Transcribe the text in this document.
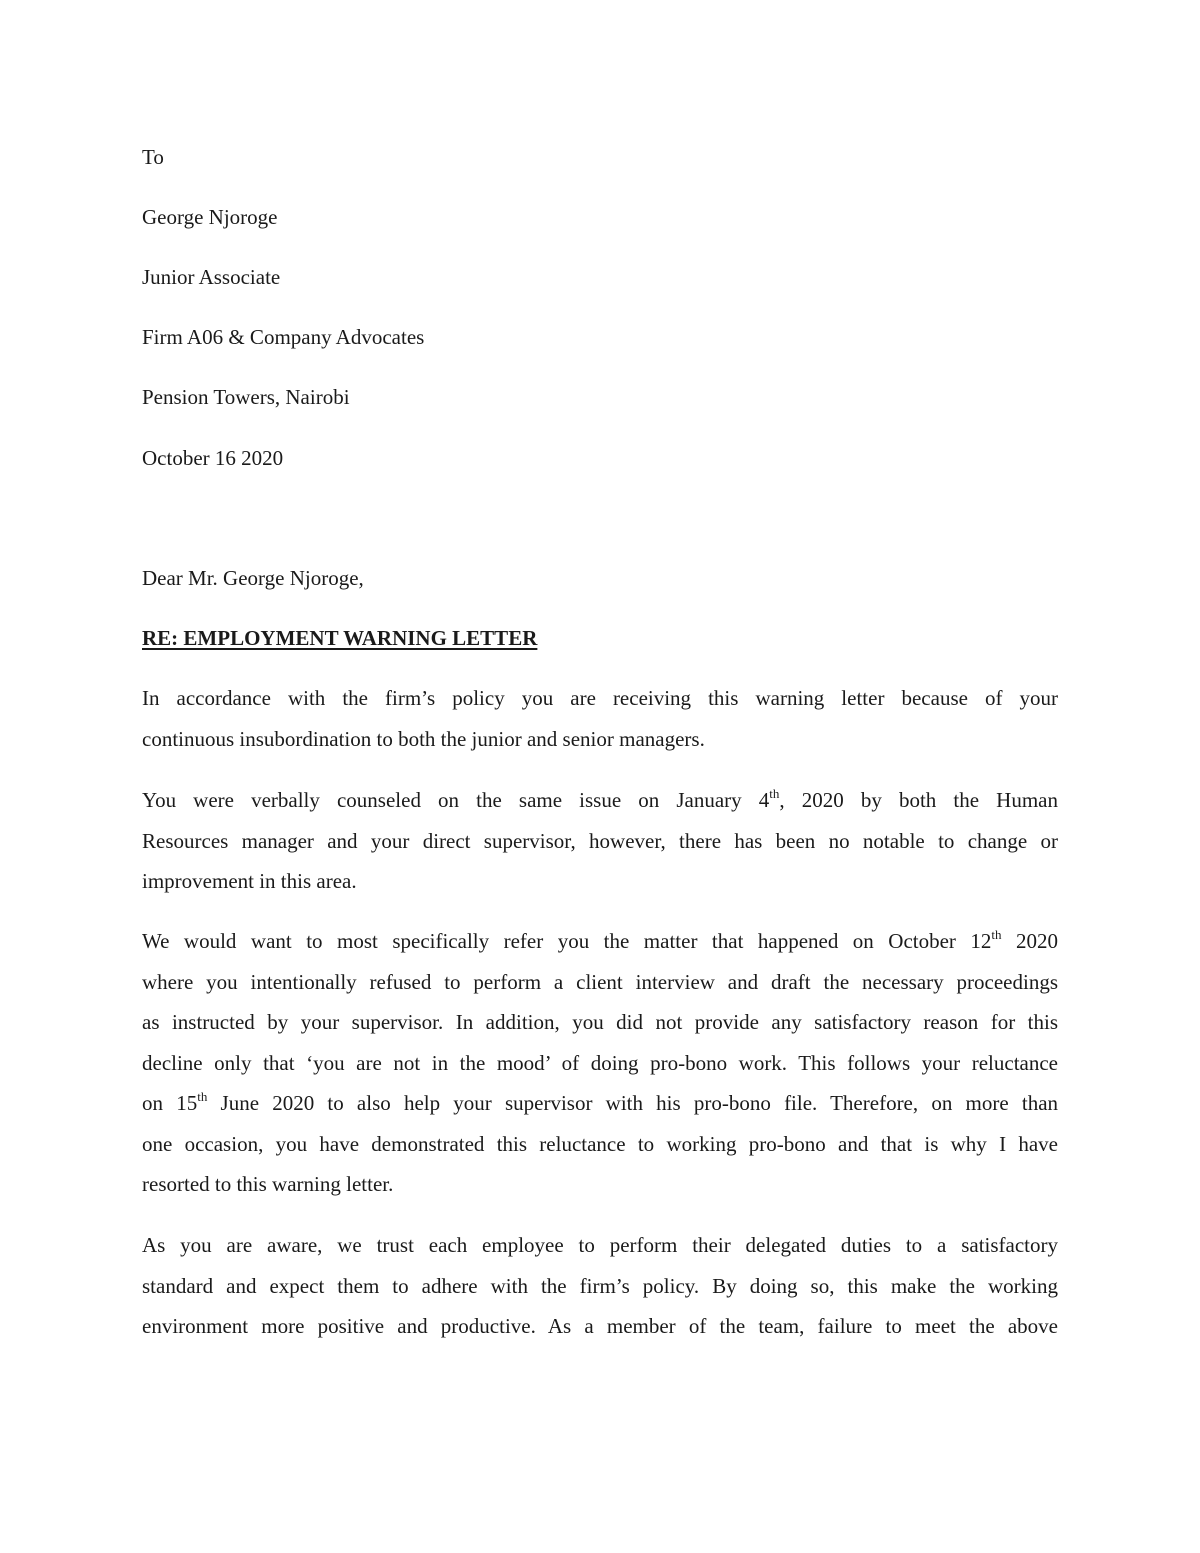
To
George Njoroge
Junior Associate
Firm A06 & Company Advocates
Pension Towers, Nairobi
October 16 2020
Dear Mr. George Njoroge,
RE: EMPLOYMENT WARNING LETTER
In accordance with the firm’s policy you are receiving this warning letter because of your
continuous insubordination to both the junior and senior managers.
You were verbally counseled on the same issue on January 4th, 2020 by both the Human
Resources manager and your direct supervisor, however, there has been no notable to change or
improvement in this area.
We would want to most specifically refer you the matter that happened on October 12th 2020
where you intentionally refused to perform a client interview and draft the necessary proceedings
as instructed by your supervisor. In addition, you did not provide any satisfactory reason for this
decline only that ‘you are not in the mood’ of doing pro-bono work. This follows your reluctance
on 15th June 2020 to also help your supervisor with his pro-bono file. Therefore, on more than
one occasion, you have demonstrated this reluctance to working pro-bono and that is why I have
resorted to this warning letter.
As you are aware, we trust each employee to perform their delegated duties to a satisfactory
standard and expect them to adhere with the firm’s policy. By doing so, this make the working
environment more positive and productive. As a member of the team, failure to meet the above
